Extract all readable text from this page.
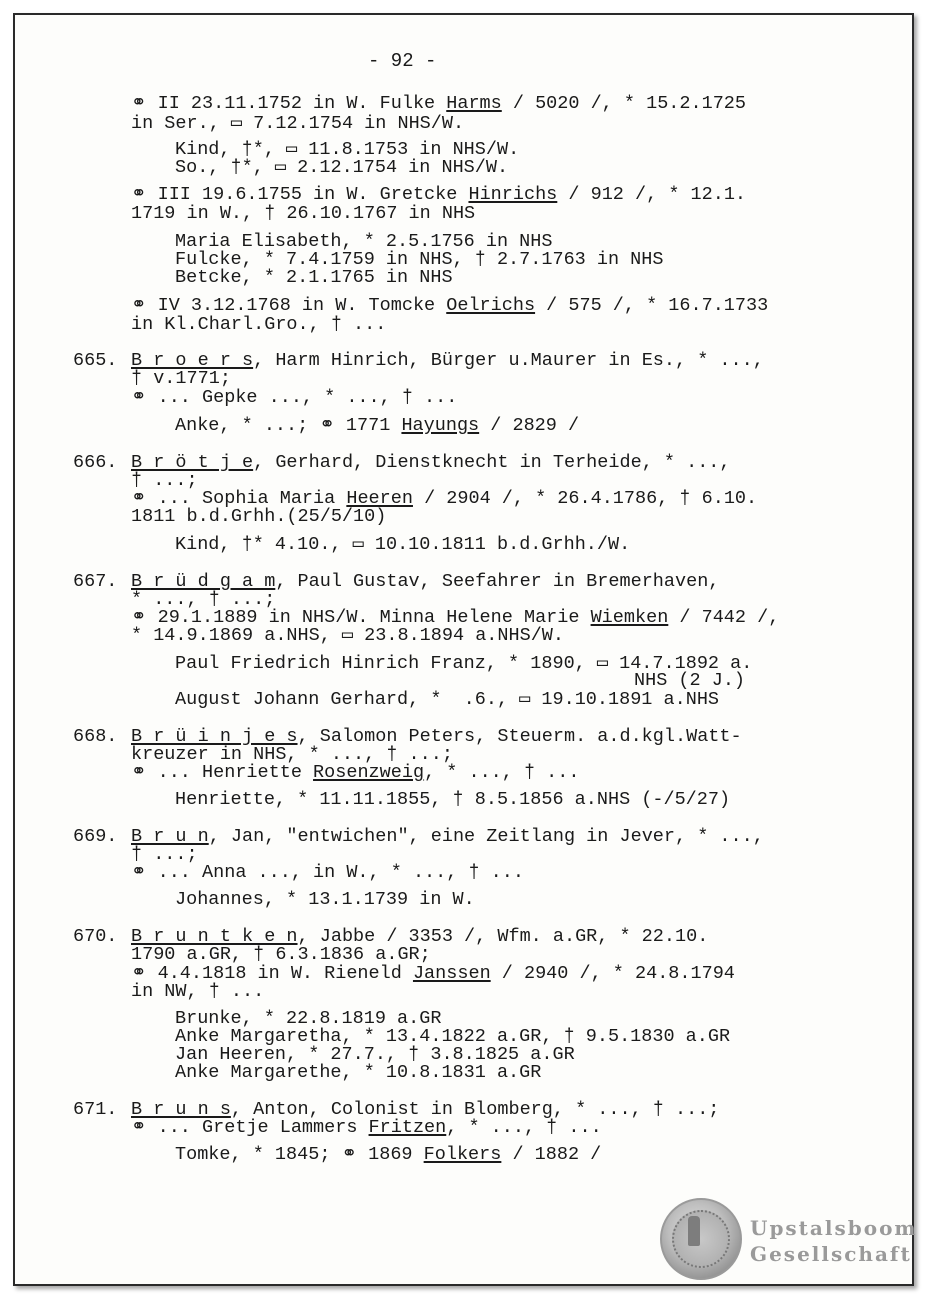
- 92 -
⚭ II 23.11.1752 in W. Fulke Harms / 5020 /, * 15.2.1725
in Ser., ▭ 7.12.1754 in NHS/W.
Kind, †*, ▭ 11.8.1753 in NHS/W.
So., †*, ▭ 2.12.1754 in NHS/W.
⚭ III 19.6.1755 in W. Gretcke Hinrichs / 912 /, * 12.1.
1719 in W., † 26.10.1767 in NHS
Maria Elisabeth, * 2.5.1756 in NHS
Fulcke, * 7.4.1759 in NHS, † 2.7.1763 in NHS
Betcke, * 2.1.1765 in NHS
⚭ IV 3.12.1768 in W. Tomcke Oelrichs / 575 /, * 16.7.1733
in Kl.Charl.Gro., † ...
665. B r o e r s, Harm Hinrich, Bürger u.Maurer in Es., * ...,
† v.1771;
⚭ ... Gepke ..., * ..., † ...
Anke, * ...; ⚭ 1771 Hayungs / 2829 /
666. B r ö t j e, Gerhard, Dienstknecht in Terheide, * ...,
† ...;
⚭ ... Sophia Maria Heeren / 2904 /, * 26.4.1786, † 6.10.
1811 b.d.Grhh.(25/5/10)
Kind, †* 4.10., ▭ 10.10.1811 b.d.Grhh./W.
667. B r ü d g a m, Paul Gustav, Seefahrer in Bremerhaven,
* ..., † ...;
⚭ 29.1.1889 in NHS/W. Minna Helene Marie Wiemken / 7442 /,
* 14.9.1869 a.NHS, ▭ 23.8.1894 a.NHS/W.
Paul Friedrich Hinrich Franz, * 1890, ▭ 14.7.1892 a.
NHS (2 J.)
August Johann Gerhard, *  .6., ▭ 19.10.1891 a.NHS
668. B r ü i n j e s, Salomon Peters, Steuerm. a.d.kgl.Watt-
kreuzer in NHS, * ..., † ...;
⚭ ... Henriette Rosenzweig, * ..., † ...
Henriette, * 11.11.1855, † 8.5.1856 a.NHS (-/5/27)
669. B r u n, Jan, "entwichen", eine Zeitlang in Jever, * ...,
† ...;
⚭ ... Anna ..., in W., * ..., † ...
Johannes, * 13.1.1739 in W.
670. B r u n t k e n, Jabbe / 3353 /, Wfm. a.GR, * 22.10.
1790 a.GR, † 6.3.1836 a.GR;
⚭ 4.4.1818 in W. Rieneld Janssen / 2940 /, * 24.8.1794
in NW, † ...
Brunke, * 22.8.1819 a.GR
Anke Margaretha, * 13.4.1822 a.GR, † 9.5.1830 a.GR
Jan Heeren, * 27.7., † 3.8.1825 a.GR
Anke Margarethe, * 10.8.1831 a.GR
671. B r u n s, Anton, Colonist in Blomberg, * ..., † ...;
⚭ ... Gretje Lammers Fritzen, * ..., † ...
Tomke, * 1845; ⚭ 1869 Folkers / 1882 /
Upstalsboom
Gesellschaft
